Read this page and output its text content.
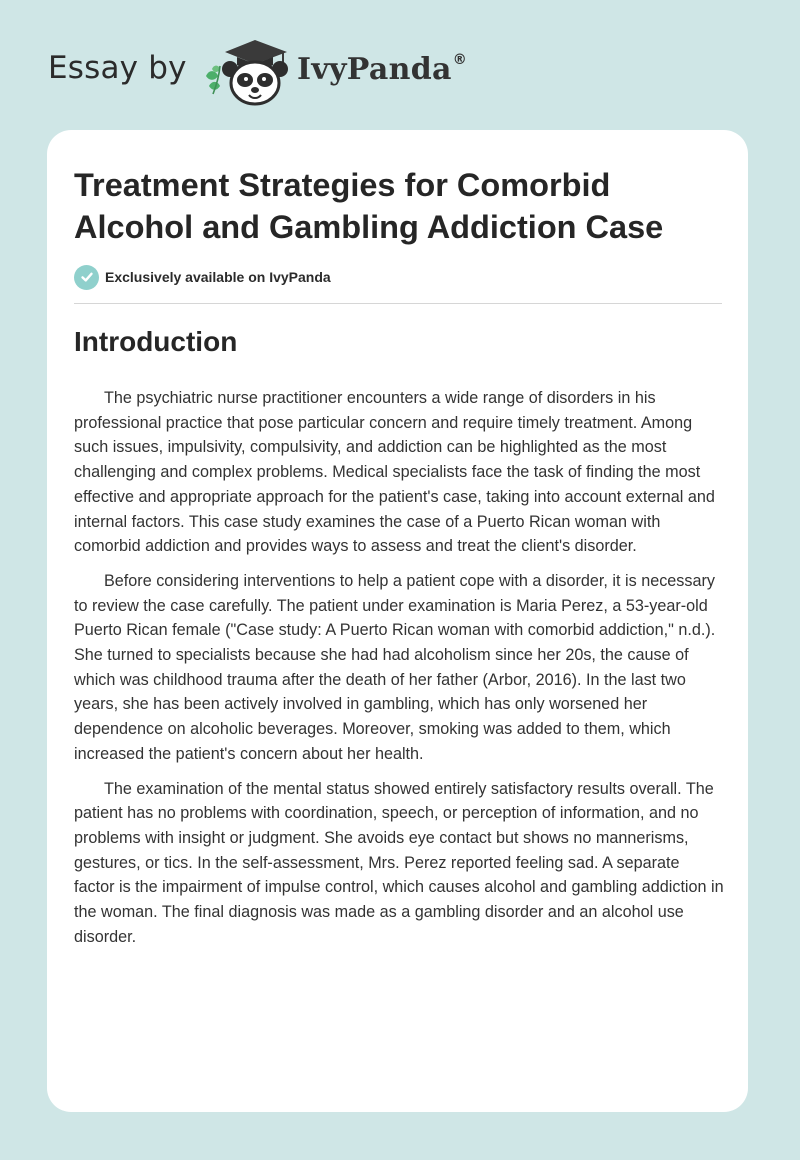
Essay by	IvyPanda®
Treatment Strategies for Comorbid Alcohol and Gambling Addiction Case
Exclusively available on IvyPanda
Introduction

The psychiatric nurse practitioner encounters a wide range of disorders in his professional practice that pose particular concern and require timely treatment. Among such issues, impulsivity, compulsivity, and addiction can be highlighted as the most challenging and complex problems. Medical specialists face the task of finding the most effective and appropriate approach for the patient's case, taking into account external and internal factors. This case study examines the case of a Puerto Rican woman with comorbid addiction and provides ways to assess and treat the client's disorder.

Before considering interventions to help a patient cope with a disorder, it is necessary to review the case carefully. The patient under examination is Maria Perez, a 53-year-old Puerto Rican female ("Case study: A Puerto Rican woman with comorbid addiction," n.d.). She turned to specialists because she had had alcoholism since her 20s, the cause of which was childhood trauma after the death of her father (Arbor, 2016). In the last two years, she has been actively involved in gambling, which has only worsened her dependence on alcoholic beverages. Moreover, smoking was added to them, which increased the patient's concern about her health.

The examination of the mental status showed entirely satisfactory results overall. The patient has no problems with coordination, speech, or perception of information, and no problems with insight or judgment. She avoids eye contact but shows no mannerisms, gestures, or tics. In the self-assessment, Mrs. Perez reported feeling sad. A separate factor is the impairment of impulse control, which causes alcohol and gambling addiction in the woman. The final diagnosis was made as a gambling disorder and an alcohol use disorder.
